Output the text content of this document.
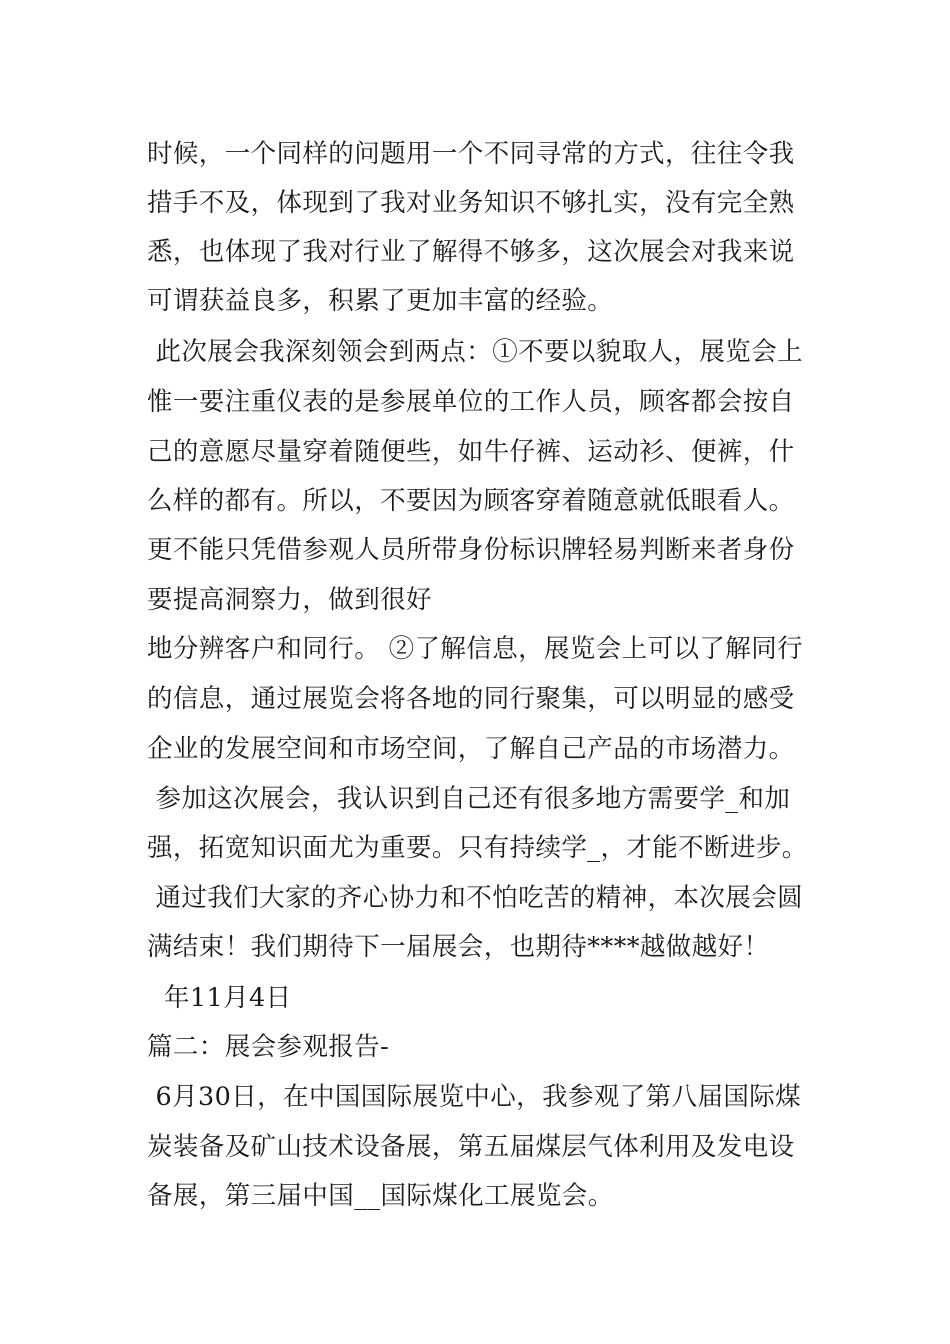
时候，一个同样的问题用一个不同寻常的方式，往往令我
措手不及，体现到了我对业务知识不够扎实，没有完全熟
悉，也体现了我对行业了解得不够多，这次展会对我来说
可谓获益良多，积累了更加丰富的经验。
此次展会我深刻领会到两点：①不要以貌取人，展览会上
惟一要注重仪表的是参展单位的工作人员，顾客都会按自
己的意愿尽量穿着随便些，如牛仔裤、运动衫、便裤，什
么样的都有。所以，不要因为顾客穿着随意就低眼看人。
更不能只凭借参观人员所带身份标识牌轻易判断来者身份
要提高洞察力，做到很好
地分辨客户和同行。 ②了解信息，展览会上可以了解同行
的信息，通过展览会将各地的同行聚集，可以明显的感受
企业的发展空间和市场空间，了解自己产品的市场潜力。
参加这次展会，我认识到自己还有很多地方需要学_和加
强，拓宽知识面尤为重要。只有持续学_，才能不断进步。
通过我们大家的齐心协力和不怕吃苦的精神，本次展会圆
满结束！我们期待下一届展会，也期待****越做越好！
年11月4日
篇二：展会参观报告-
6月30日，在中国国际展览中心，我参观了第八届国际煤
炭装备及矿山技术设备展，第五届煤层气体利用及发电设
备展，第三届中国__国际煤化工展览会。
